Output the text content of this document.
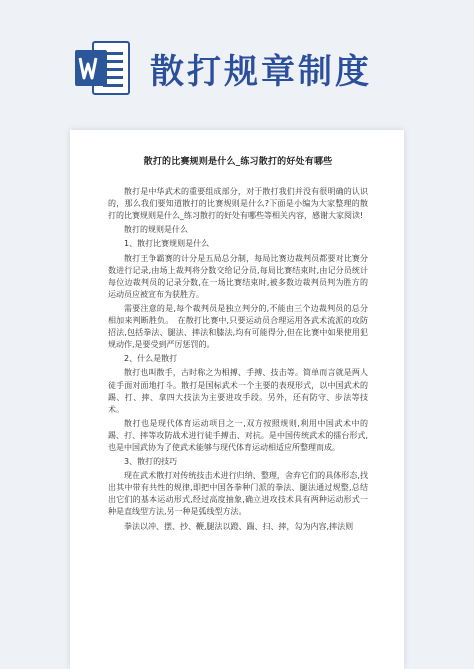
散打规章制度
散打的比赛规则是什么_练习散打的好处有哪些

散打是中华武术的重要组成部分，对于散打我们并没有很明确的认识的，那么我们要知道散打的比赛规则是什么?下面是小编为大家整理的散打的比赛规则是什么_练习散打的好处有哪些等相关内容，感谢大家阅读!

散打的规则是什么

1、散打比赛规则是什么

散打王争霸赛的计分是五局总分制，每局比赛边裁判员都要对比赛分数进行记录,由场上裁判将分数交给记分员,每局比赛结束时,由记分员统计每位边裁判员的记录分数,在一场比赛结束时,被多数边裁判员判为胜方的运动员应被宣布为获胜方。

需要注意的是,每个裁判员是独立判分的,不能由三个边裁判员的总分相加来判断胜负。　在散打比赛中,只要运动员合理运用各武术流派的攻防招法,包括拳法、腿法、摔法和膝法,均有可能得分,但在比赛中如果使用犯规动作,是要受到严厉惩罚的。

2、什么是散打

散打也叫散手，古时称之为相搏、手搏、技击等。简单而言就是两人徒手面对面地打斗。散打是国标武术一个主要的表现形式，以中国武术的踢、打、摔、拿四大技法为主要进攻手段。另外，还有防守、步法等技术。

散打也是现代体育运动项目之一,双方按照规则,利用中国武术中的踢、打、摔等攻防战术进行徒手搏击、对抗。是中国传统武术的擂台形式,也是中国武协为了使武术能够与现代体育运动相适应所整理而成。

3、散打的技巧

现在武术散打对传统技击术进行归纳、整理，舍弃它们的具体形态,找出其中带有共性的规律,即把中国各拳种门派的拳法、腿法通过规整,总结出它们的基本运动形式,经过高度抽象,确立进攻技术具有两种运动形式一种是直线型方法,另一种是弧线型方法。

拳法以冲、摆、抄、鞭,腿法以蹬、踹、扫、摔，勾为内容,摔法则
